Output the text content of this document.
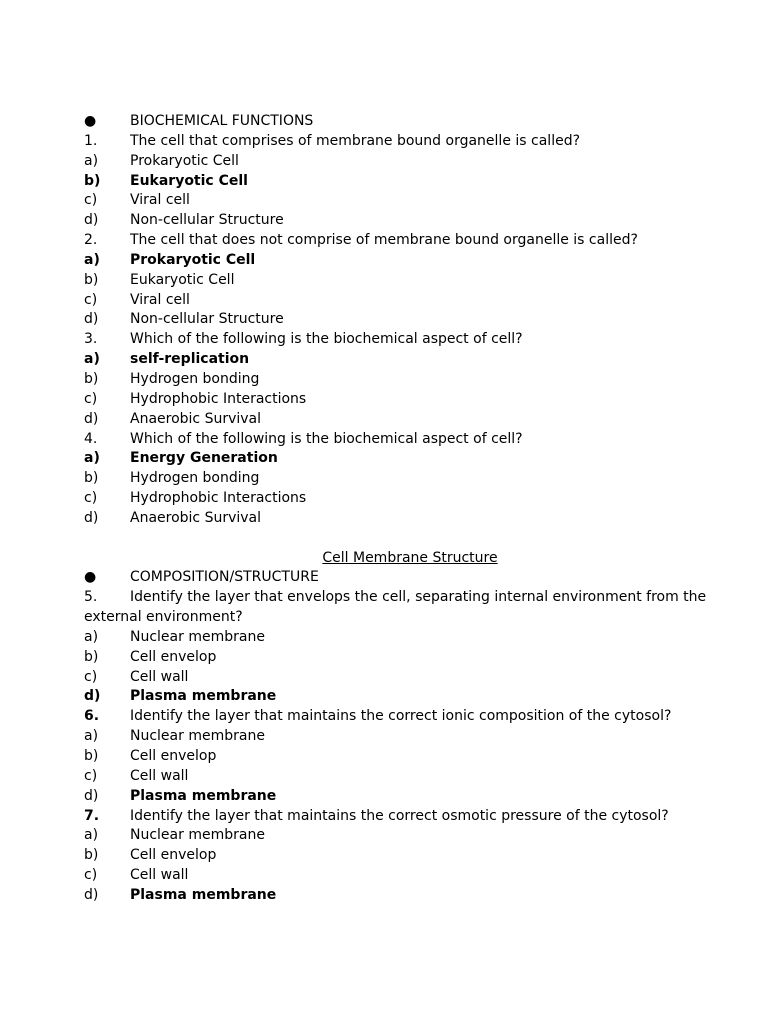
●	BIOCHEMICAL FUNCTIONS
1.	The cell that comprises of membrane bound organelle is called?
a)	Prokaryotic Cell
b)	Eukaryotic Cell
c)	Viral cell
d)	Non-cellular Structure
2.	The cell that does not comprise of membrane bound organelle is called?
a)	Prokaryotic Cell
b)	Eukaryotic Cell
c)	Viral cell
d)	Non-cellular Structure
3.	Which of the following is the biochemical aspect of cell?
a)	self-replication
b)	Hydrogen bonding
c)	Hydrophobic Interactions
d)	Anaerobic Survival
4.	Which of the following is the biochemical aspect of cell?
a)	Energy Generation
b)	Hydrogen bonding
c)	Hydrophobic Interactions
d)	Anaerobic Survival
Cell Membrane Structure
●	COMPOSITION/STRUCTURE
5. Identify the layer that envelops the cell, separating internal environment from the external environment?
a)	Nuclear membrane
b)	Cell envelop
c)	Cell wall
d)	Plasma membrane
6.	Identify the layer that maintains the correct ionic composition of the cytosol?
a)	Nuclear membrane
b)	Cell envelop
c)	Cell wall
d)	Plasma membrane
7.	Identify the layer that maintains the correct osmotic pressure of the cytosol?
a)	Nuclear membrane
b)	Cell envelop
c)	Cell wall
d)	Plasma membrane
